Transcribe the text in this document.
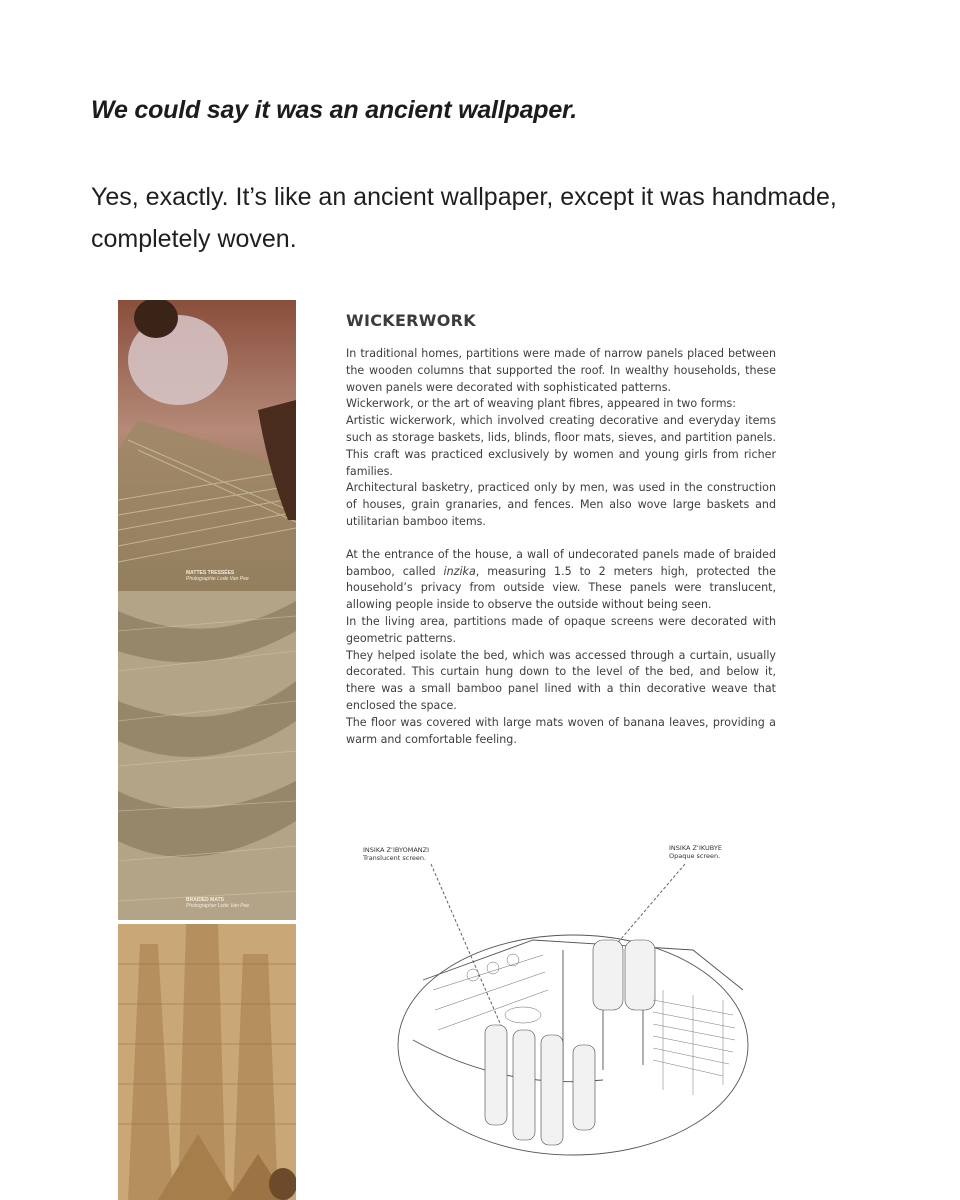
We could say it was an ancient wallpaper.
Yes, exactly. It’s like an ancient wallpaper, except it was handmade, completely woven.
MATTES TRESSÉES
Photographie Lode Van Pee
BRAIDED MATS
Photographer Lode Van Pee
WICKERWORK

In traditional homes, partitions were made of narrow panels placed between the wooden columns that supported the roof. In wealthy households, these woven panels were decorated with sophisticated patterns.

Wickerwork, or the art of weaving plant fibres, appeared in two forms:

Artistic wickerwork, which involved creating decorative and everyday items such as storage baskets, lids, blinds, floor mats, sieves, and partition panels. This craft was practiced exclusively by women and young girls from richer families.

Architectural basketry, practiced only by men, was used in the construction of houses, grain granaries, and fences. Men also wove large baskets and utilitarian bamboo items.

At the entrance of the house, a wall of undecorated panels made of braided bamboo, called inzika, measuring 1.5 to 2 meters high, protected the household’s privacy from outside view. These panels were translucent, allowing people inside to observe the outside without being seen.

In the living area, partitions made of opaque screens were decorated with geometric patterns.

They helped isolate the bed, which was accessed through a curtain, usually decorated. This curtain hung down to the level of the bed, and below it, there was a small bamboo panel lined with a thin decorative weave that enclosed the space.

The floor was covered with large mats woven of banana leaves, providing a warm and comfortable feeling.

INSIKA Z’IBYOMANZI
Translucent screen.
INSIKA Z’IKUBYE
Opaque screen.
